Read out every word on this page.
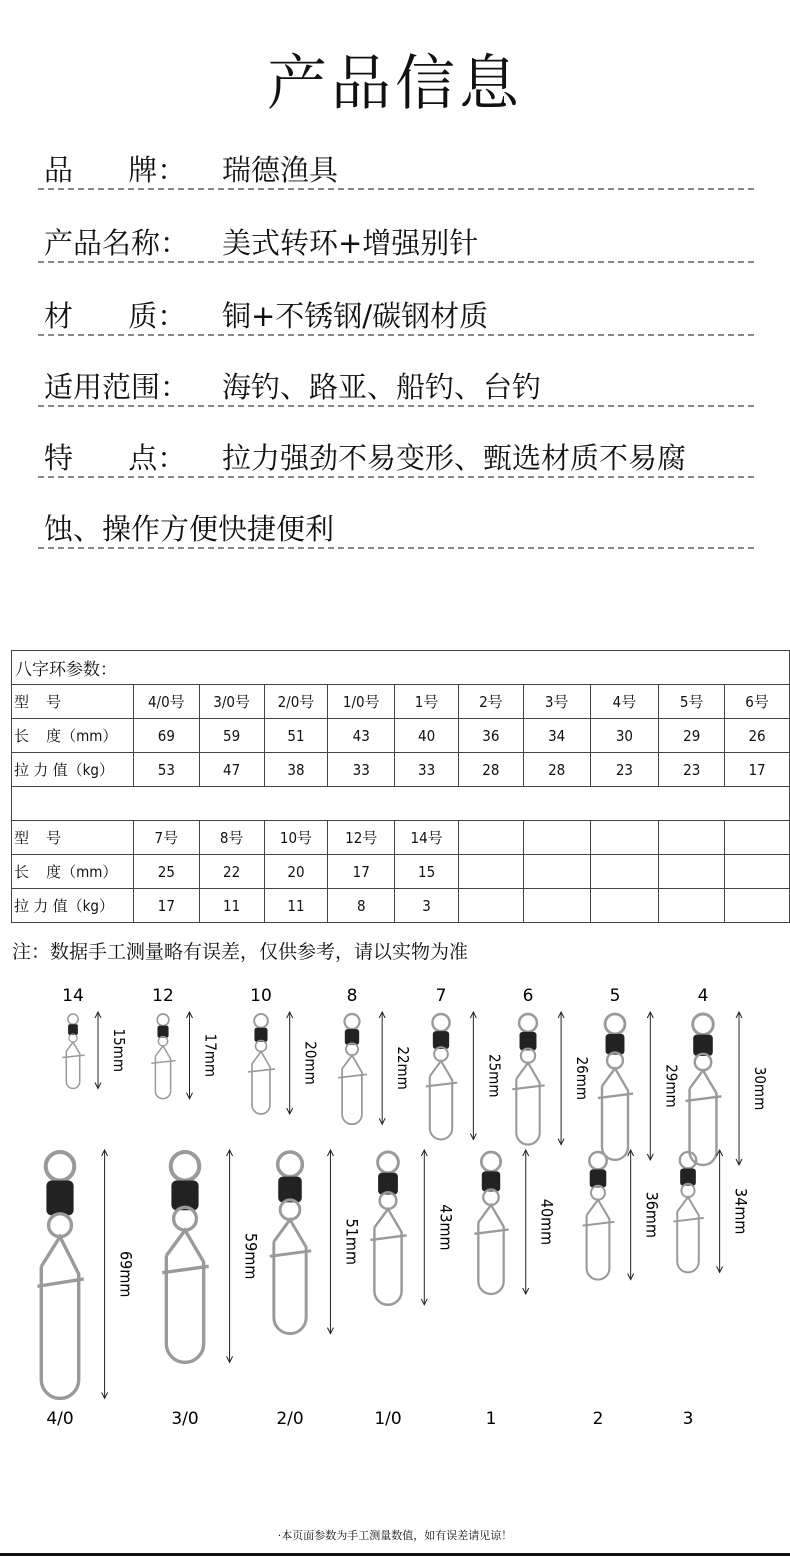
产品信息
品      牌： 瑞德渔具
产品名称： 美式转环+增强别针
材      质： 铜+不锈钢/碳钢材质
适用范围： 海钓、路亚、船钓、台钓
特      点： 拉力强劲不易变形、甄选材质不易腐
蚀、操作方便快捷便利
八字环参数：										
型    号	4/0号	3/0号	2/0号	1/0号	1号	2号	3号	4号	5号	6号
长    度（mm）	69	59	51	43	40	36	34	30	29	26
拉 力 值（kg）	53	47	38	33	33	28	28	23	23	17

型    号	7号	8号	10号	12号	14号					
长    度（mm）	25	22	20	17	15					
拉 力 值（kg）	17	11	11	8	3					
注：数据手工测量略有误差，仅供参考，请以实物为准
15mm
14
17mm
12
20mm
10
22mm
8
25mm
7
26mm
6
29mm
5
30mm
4
69mm
4/0
59mm
3/0
51mm
2/0
43mm
1/0
40mm
1
36mm
2
34mm
3
·本页面参数为手工测量数值，如有误差请见谅！
